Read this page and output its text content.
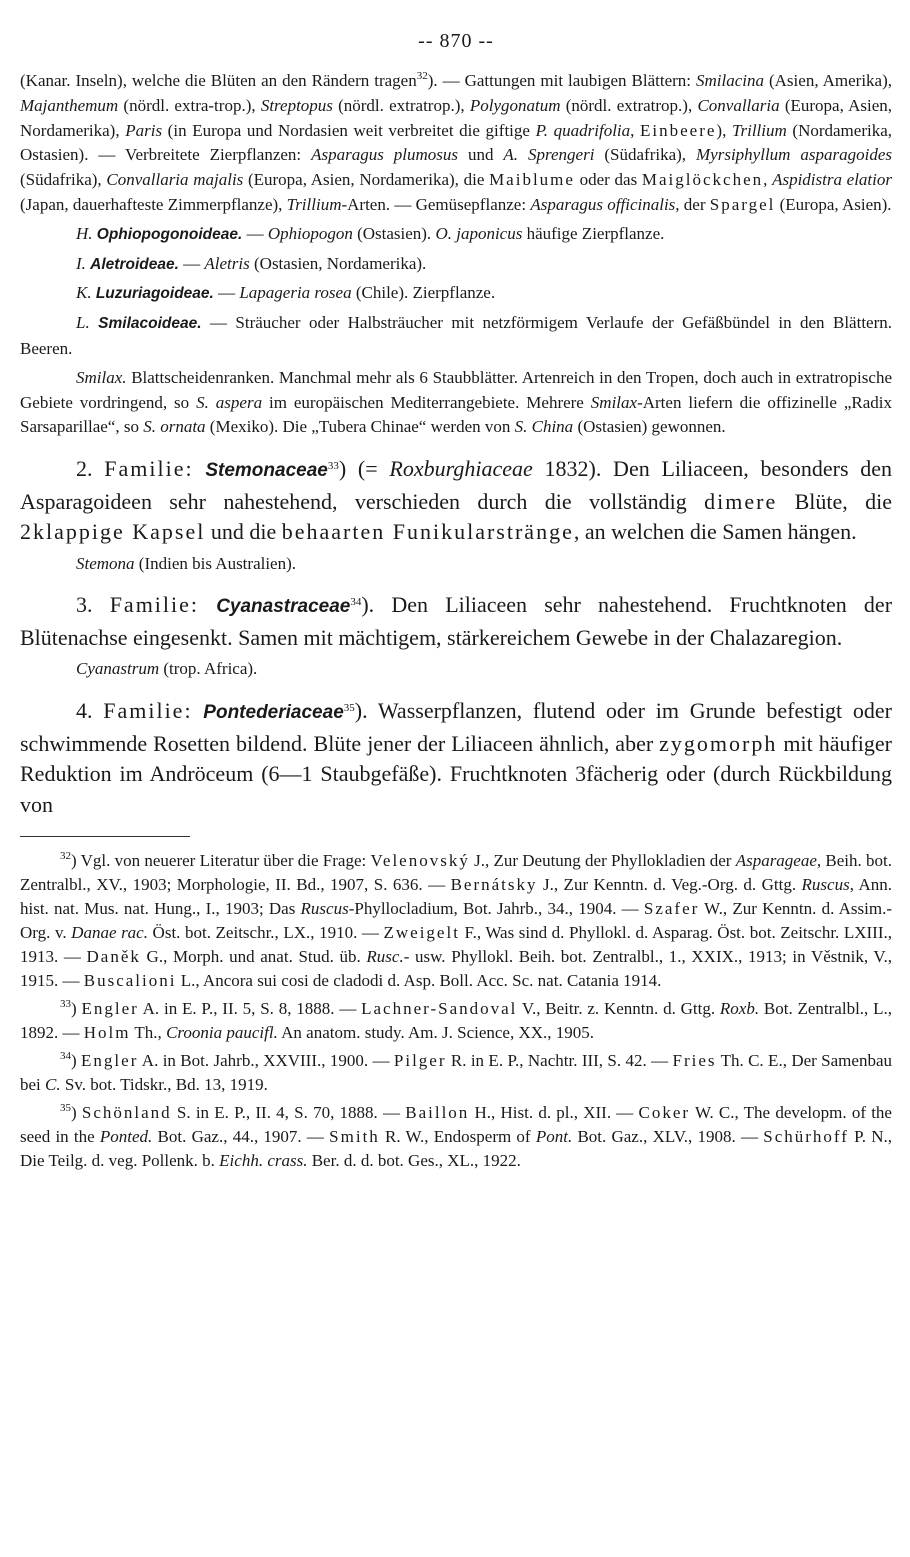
-- 870 --

(Kanar. Inseln), welche die Blüten an den Rändern tragen$^{32}$). — Gattungen mit laubigen Blättern: Smilacina (Asien, Amerika), Majanthemum (nördl. extra-trop.), Streptopus (nördl. extratrop.), Polygonatum (nördl. extratrop.), Convallaria (Europa, Asien, Nordamerika), Paris (in Europa und Nordasien weit verbreitet die giftige P. quadrifolia, Einbeere), Trillium (Nordamerika, Ostasien). — Verbreitete Zierpflanzen: Asparagus plumosus und A. Sprengeri (Südafrika), Myrsiphyllum asparagoides (Südafrika), Convallaria majalis (Europa, Asien, Nordamerika), die Maiblume oder das Maiglöckchen, Aspidistra elatior (Japan, dauerhafteste Zimmerpflanze), Trillium-Arten. — Gemüsepflanze: Asparagus officinalis, der Spargel (Europa, Asien).

H. Ophiopogonoideae. — Ophiopogon (Ostasien). O. japonicus häufige Zierpflanze.

I. Aletroideae. — Aletris (Ostasien, Nordamerika).

K. Luzuriagoideae. — Lapageria rosea (Chile). Zierpflanze.

L. Smilacoideae. — Sträucher oder Halbsträucher mit netzförmigem Verlaufe der Gefäßbündel in den Blättern. Beeren.

Smilax. Blattscheidenranken. Manchmal mehr als 6 Staubblätter. Artenreich in den Tropen, doch auch in extratropische Gebiete vordringend, so S. aspera im europäischen Mediterrangebiete. Mehrere Smilax-Arten liefern die offizinelle „Radix Sarsaparillae“, so S. ornata (Mexiko). Die „Tubera Chinae“ werden von S. China (Ostasien) gewonnen.

2. Familie: Stemonaceae$^{33}$) (= Roxburghiaceae 1832). Den Liliaceen, besonders den Asparagoideen sehr nahestehend, verschieden durch die vollständig dimere Blüte, die 2klappige Kapsel und die behaarten Funikularstränge, an welchen die Samen hängen.

Stemona (Indien bis Australien).

3. Familie: Cyanastraceae$^{34}$). Den Liliaceen sehr nahestehend. Fruchtknoten der Blütenachse eingesenkt. Samen mit mächtigem, stärkereichem Gewebe in der Chalazaregion.

Cyanastrum (trop. Africa).

4. Familie: Pontederiaceae$^{35}$). Wasserpflanzen, flutend oder im Grunde befestigt oder schwimmende Rosetten bildend. Blüte jener der Liliaceen ähnlich, aber zygomorph mit häufiger Reduktion im Andröceum (6—1 Staubgefäße). Fruchtknoten 3fächerig oder (durch Rückbildung von

$^{32}$) Vgl. von neuerer Literatur über die Frage: Velenovský J., Zur Deutung der Phyllokladien der Asparageae, Beih. bot. Zentralbl., XV., 1903; Morphologie, II. Bd., 1907, S. 636. — Bernátsky J., Zur Kenntn. d. Veg.-Org. d. Gttg. Ruscus, Ann. hist. nat. Mus. nat. Hung., I., 1903; Das Ruscus-Phyllocladium, Bot. Jahrb., 34., 1904. — Szafer W., Zur Kenntn. d. Assim.-Org. v. Danae rac. Öst. bot. Zeitschr., LX., 1910. — Zweigelt F., Was sind d. Phyllokl. d. Asparag. Öst. bot. Zeitschr. LXIII., 1913. — Daněk G., Morph. und anat. Stud. üb. Rusc.- usw. Phyllokl. Beih. bot. Zentralbl., 1., XXIX., 1913; in Věstnik, V., 1915. — Buscalioni L., Ancora sui cosi de cladodi d. Asp. Boll. Acc. Sc. nat. Catania 1914.

$^{33}$) Engler A. in E. P., II. 5, S. 8, 1888. — Lachner-Sandoval V., Beitr. z. Kenntn. d. Gttg. Roxb. Bot. Zentralbl., L., 1892. — Holm Th., Croonia paucifl. An anatom. study. Am. J. Science, XX., 1905.

$^{34}$) Engler A. in Bot. Jahrb., XXVIII., 1900. — Pilger R. in E. P., Nachtr. III, S. 42. — Fries Th. C. E., Der Samenbau bei C. Sv. bot. Tidskr., Bd. 13, 1919.

$^{35}$) Schönland S. in E. P., II. 4, S. 70, 1888. — Baillon H., Hist. d. pl., XII. — Coker W. C., The developm. of the seed in the Ponted. Bot. Gaz., 44., 1907. — Smith R. W., Endosperm of Pont. Bot. Gaz., XLV., 1908. — Schürhoff P. N., Die Teilg. d. veg. Pollenk. b. Eichh. crass. Ber. d. d. bot. Ges., XL., 1922.
